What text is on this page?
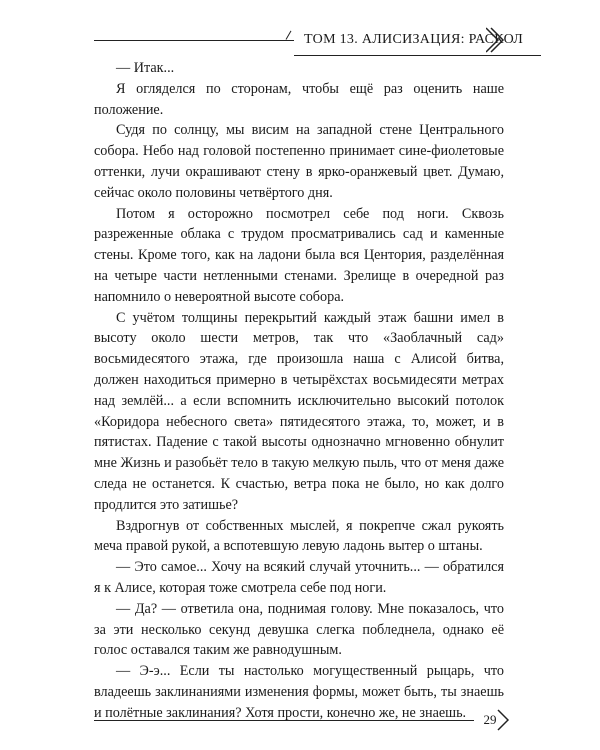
ТОМ 13. АЛИСИЗАЦИЯ: РАСКОЛ

— Итак...

Я огляделся по сторонам, чтобы ещё раз оценить наше положение.

Судя по солнцу, мы висим на западной стене Центрального собора. Небо над головой постепенно принимает сине-фиолетовые оттенки, лучи окрашивают стену в ярко-оранжевый цвет. Думаю, сейчас около половины четвёртого дня.

Потом я осторожно посмотрел себе под ноги. Сквозь разреженные облака с трудом просматривались сад и каменные стены. Кроме того, как на ладони была вся Центория, разделённая на четыре части нетленными стенами. Зрелище в очередной раз напомнило о невероятной высоте собора.

С учётом толщины перекрытий каждый этаж башни имел в высоту около шести метров, так что «Заоблачный сад» восьмидесятого этажа, где произошла наша с Алисой битва, должен находиться примерно в четырёхстах восьмидесяти метрах над землёй... а если вспомнить исключительно высокий потолок «Коридора небесного света» пятидесятого этажа, то, может, и в пятистах. Падение с такой высоты однозначно мгновенно обнулит мне Жизнь и разобьёт тело в такую мелкую пыль, что от меня даже следа не останется. К счастью, ветра пока не было, но как долго продлится это затишье?

Вздрогнув от собственных мыслей, я покрепче сжал рукоять меча правой рукой, а вспотевшую левую ладонь вытер о штаны.

— Это самое... Хочу на всякий случай уточнить... — обратился я к Алисе, которая тоже смотрела себе под ноги.

— Да? — ответила она, поднимая голову. Мне показалось, что за эти несколько секунд девушка слегка побледнела, однако её голос оставался таким же равнодушным.

— Э-э... Если ты настолько могущественный рыцарь, что владеешь заклинаниями изменения формы, может быть, ты знаешь и полётные заклинания? Хотя прости, конечно же, не знаешь.	29
